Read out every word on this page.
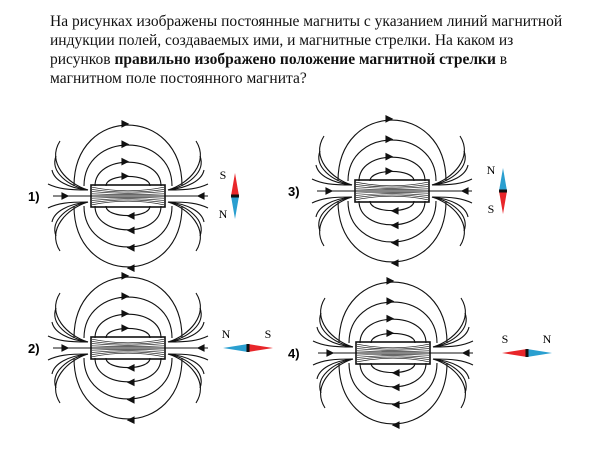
На рисунках изображены постоянные магниты с указанием линий магнитной индукции полей, создаваемых ими, и магнитные стрелки. На каком из рисунков правильно изображено положение магнитной стрелки в магнитном поле постоянного магнита?
1)
S
N
2)
N	S
3)
N
S
4)
S	N
